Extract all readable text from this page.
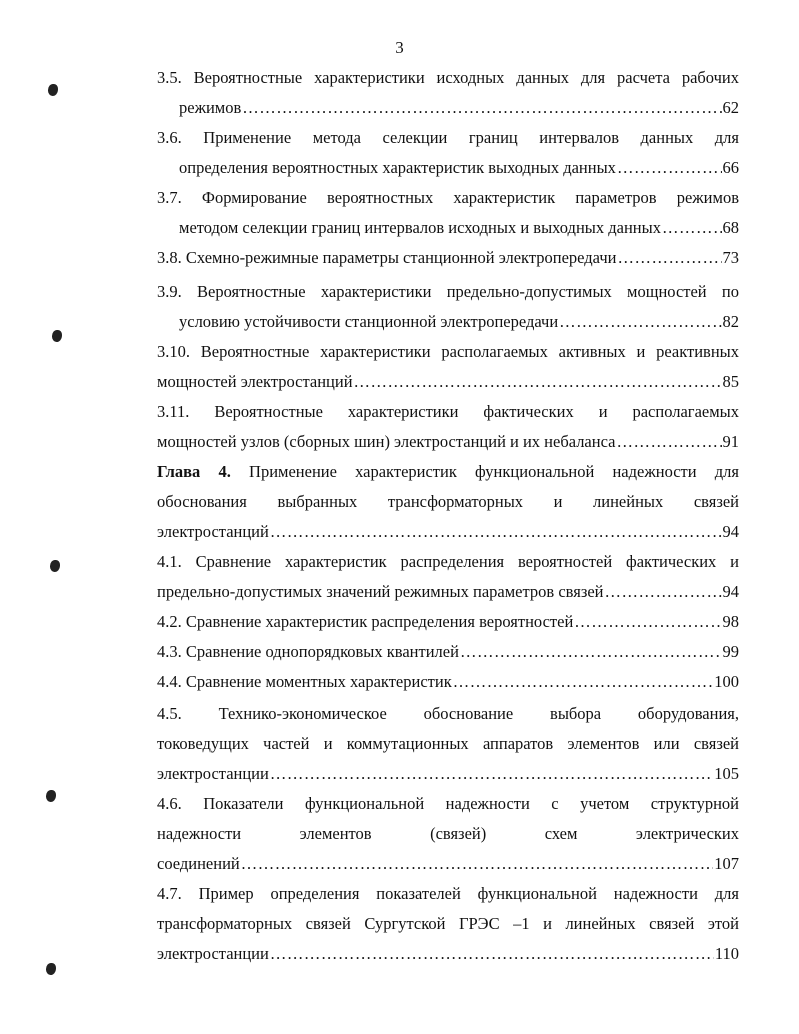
3
3.5. Вероятностные характеристики исходных данных для расчета рабочих
режимов ……………………………………………………………………………………………………………………………………………………………	62
3.6. Применение метода селекции границ интервалов данных для
определения вероятностных характеристик выходных данных ……………………………………………………………………………………………………………………………………………………………	66
3.7. Формирование вероятностных характеристик параметров режимов
методом селекции границ интервалов исходных и выходных данных ……………………………………………………………………………………………………………………………………………………………	68
3.8. Схемно-режимные параметры станционной электропередачи ……………………………………………………………………………………………………………………………………………………………	73
3.9. Вероятностные характеристики предельно-допустимых мощностей по
условию устойчивости станционной электропередачи ……………………………………………………………………………………………………………………………………………………………	82
3.10. Вероятностные характеристики располагаемых активных и реактивных
мощностей электростанций ……………………………………………………………………………………………………………………………………………………………	85
3.11. Вероятностные характеристики фактических и располагаемых
мощностей узлов (сборных шин) электростанций и их небаланса ……………………………………………………………………………………………………………………………………………………………	91
Глава 4. Применение характеристик функциональной надежности для
обоснования выбранных трансформаторных и линейных связей
электростанций ……………………………………………………………………………………………………………………………………………………………	94
4.1. Сравнение характеристик распределения вероятностей фактических и
предельно-допустимых значений режимных параметров связей ……………………………………………………………………………………………………………………………………………………………	94
4.2. Сравнение характеристик распределения вероятностей ……………………………………………………………………………………………………………………………………………………………	98
4.3. Сравнение однопорядковых квантилей ……………………………………………………………………………………………………………………………………………………………	99
4.4. Сравнение моментных характеристик ……………………………………………………………………………………………………………………………………………………………	100
4.5. Технико-экономическое обоснование выбора оборудования,
токоведущих частей и коммутационных аппаратов элементов или связей
электростанции ……………………………………………………………………………………………………………………………………………………………	105
4.6. Показатели функциональной надежности с учетом структурной
надежности элементов (связей) схем электрических
соединений ……………………………………………………………………………………………………………………………………………………………	107
4.7. Пример определения показателей функциональной надежности для
трансформаторных связей Сургутской ГРЭС –1 и линейных связей этой
электростанции ……………………………………………………………………………………………………………………………………………………………	110
